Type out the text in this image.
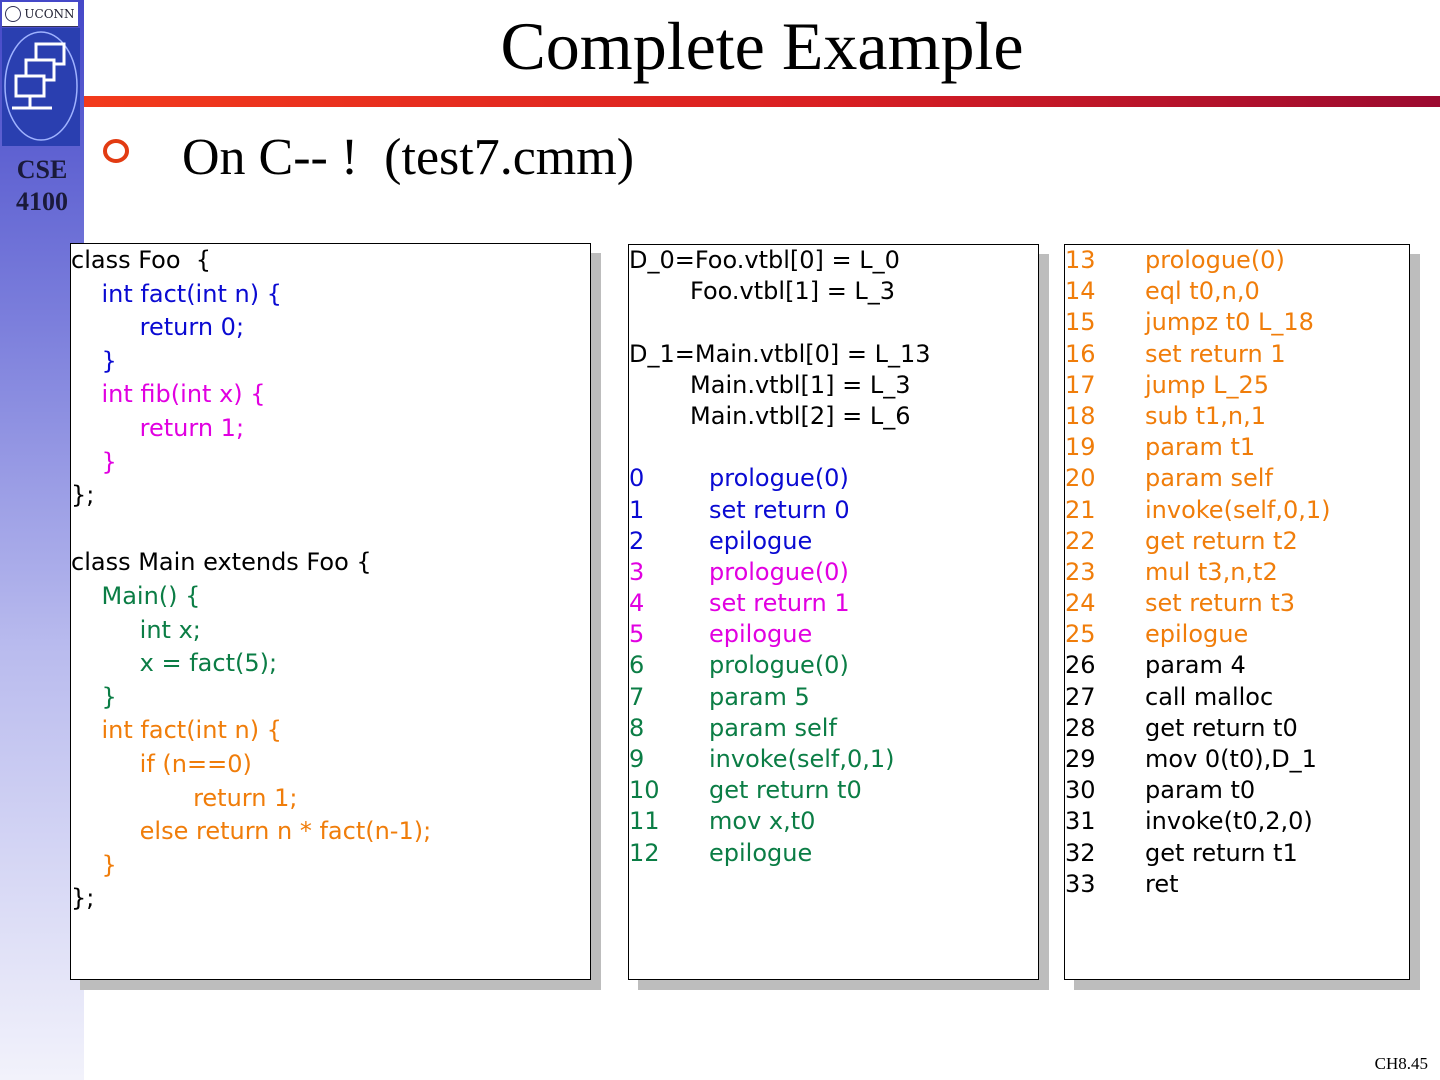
UCONN
CSE
4100
Complete Example
On C-- !  (test7.cmm)
class Foo  {
int fact(int n) {
return 0;
}
int fib(int x) {
return 1;
}
};
class Main extends Foo {
Main() {
int x;
x = fact(5);
}
int fact(int n) {
if (n==0)
return 1;
else return n * fact(n-1);
}
};
D_0=Foo.vtbl[0] = L_0
Foo.vtbl[1] = L_3
D_1=Main.vtbl[0] = L_13
Main.vtbl[1] = L_3
Main.vtbl[2] = L_6
0	prologue(0)
1	set return 0
2	epilogue
3	prologue(0)
4	set return 1
5	epilogue
6	prologue(0)
7	param 5
8	param self
9	invoke(self,0,1)
10 get return t0
11 mov x,t0
12 epilogue
13 prologue(0)
14 eql t0,n,0
15 jumpz t0 L_18
16 set return 1
17 jump L_25
18 sub t1,n,1
19 param t1
20 param self
21 invoke(self,0,1)
22 get return t2
23 mul t3,n,t2
24 set return t3
25 epilogue
26 param 4
27 call malloc
28 get return t0
29 mov 0(t0),D_1
30 param t0
31 invoke(t0,2,0)
32 get return t1
33 ret
CH8.45
